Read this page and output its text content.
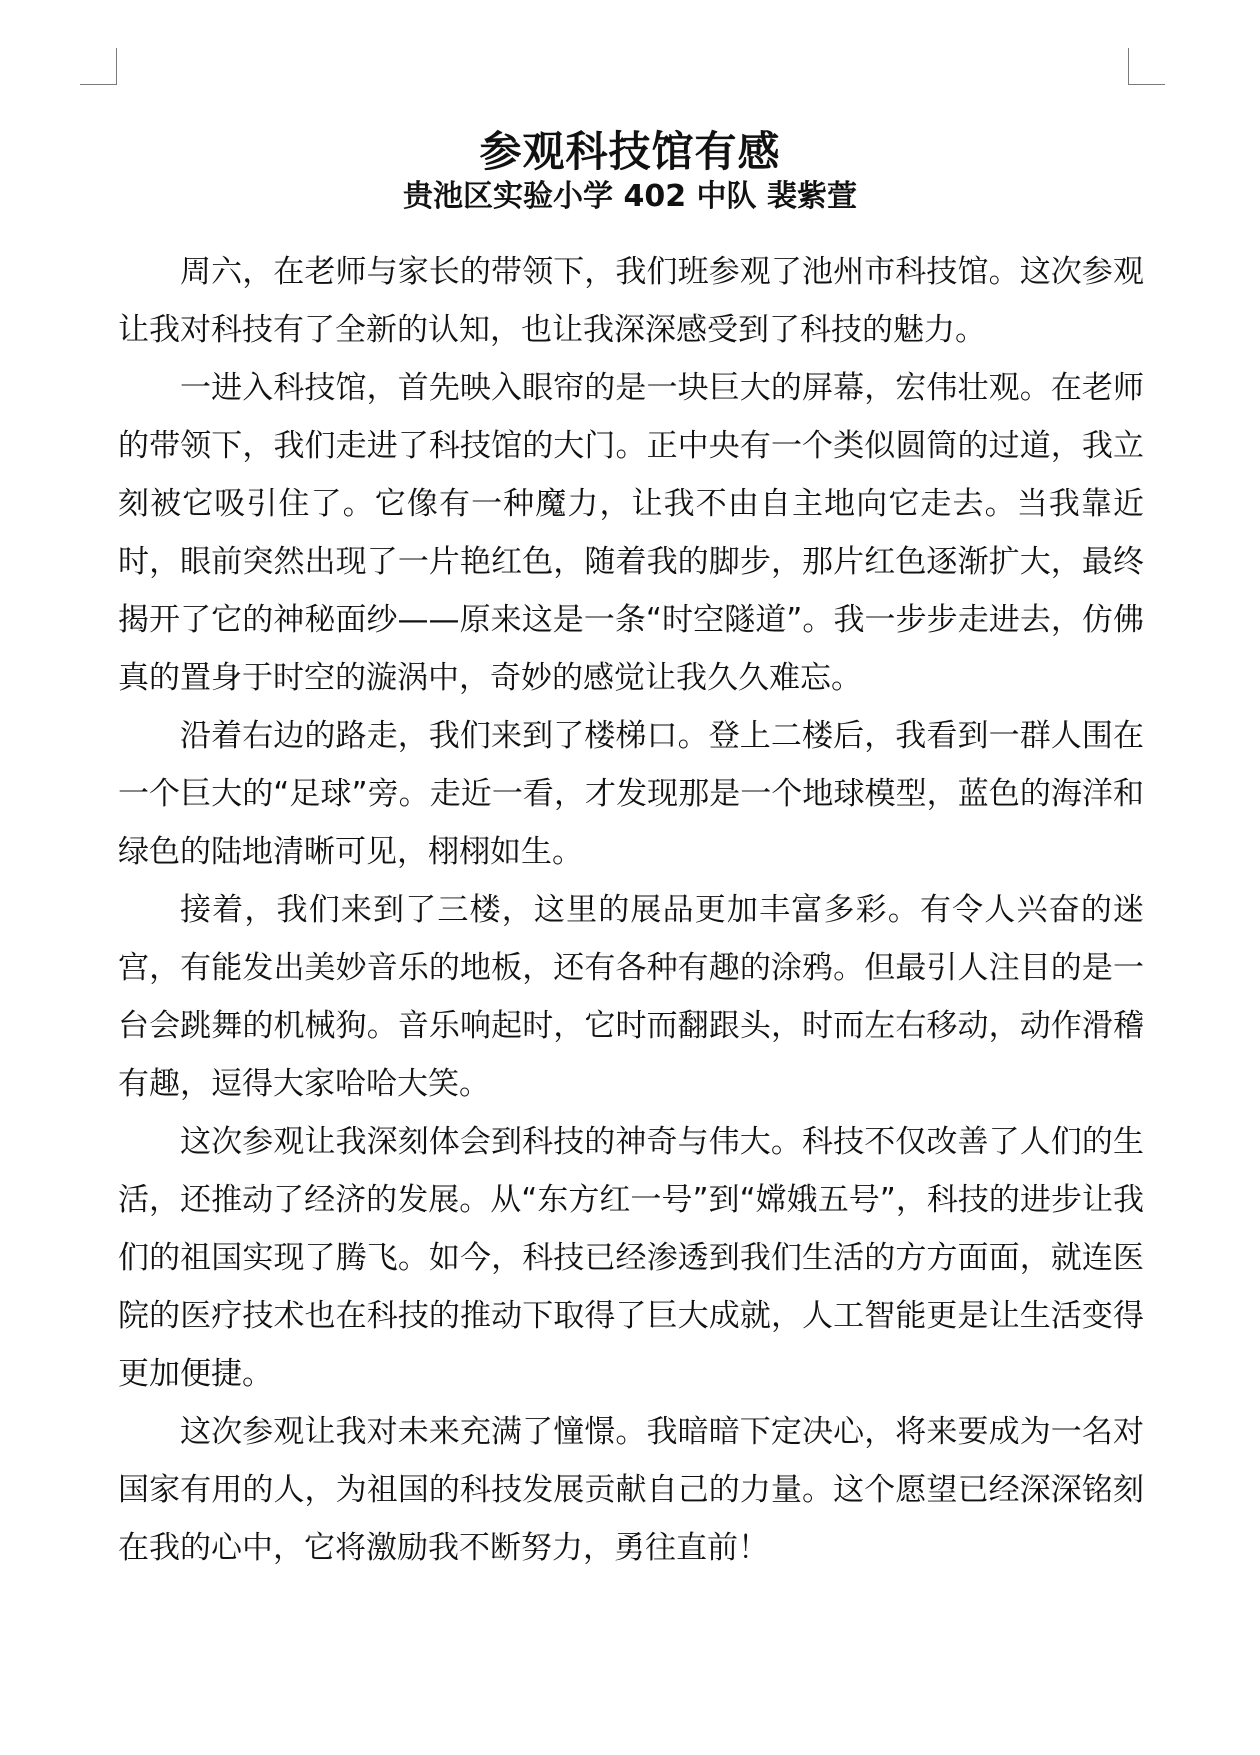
参观科技馆有感
贵池区实验小学 402 中队 裴紫萱

周六，在老师与家长的带领下，我们班参观了池州市科技馆。这次参观让我对科技有了全新的认知，也让我深深感受到了科技的魅力。

一进入科技馆，首先映入眼帘的是一块巨大的屏幕，宏伟壮观。在老师的带领下，我们走进了科技馆的大门。正中央有一个类似圆筒的过道，我立刻被它吸引住了。它像有一种魔力，让我不由自主地向它走去。当我靠近时，眼前突然出现了一片艳红色，随着我的脚步，那片红色逐渐扩大，最终揭开了它的神秘面纱——原来这是一条“时空隧道”。我一步步走进去，仿佛真的置身于时空的漩涡中，奇妙的感觉让我久久难忘。

沿着右边的路走，我们来到了楼梯口。登上二楼后，我看到一群人围在一个巨大的“足球”旁。走近一看，才发现那是一个地球模型，蓝色的海洋和绿色的陆地清晰可见，栩栩如生。

接着，我们来到了三楼，这里的展品更加丰富多彩。有令人兴奋的迷宫，有能发出美妙音乐的地板，还有各种有趣的涂鸦。但最引人注目的是一台会跳舞的机械狗。音乐响起时，它时而翻跟头，时而左右移动，动作滑稽有趣，逗得大家哈哈大笑。

这次参观让我深刻体会到科技的神奇与伟大。科技不仅改善了人们的生活，还推动了经济的发展。从“东方红一号”到“嫦娥五号”，科技的进步让我们的祖国实现了腾飞。如今，科技已经渗透到我们生活的方方面面，就连医院的医疗技术也在科技的推动下取得了巨大成就，人工智能更是让生活变得更加便捷。

这次参观让我对未来充满了憧憬。我暗暗下定决心，将来要成为一名对国家有用的人，为祖国的科技发展贡献自己的力量。这个愿望已经深深铭刻在我的心中，它将激励我不断努力，勇往直前！
